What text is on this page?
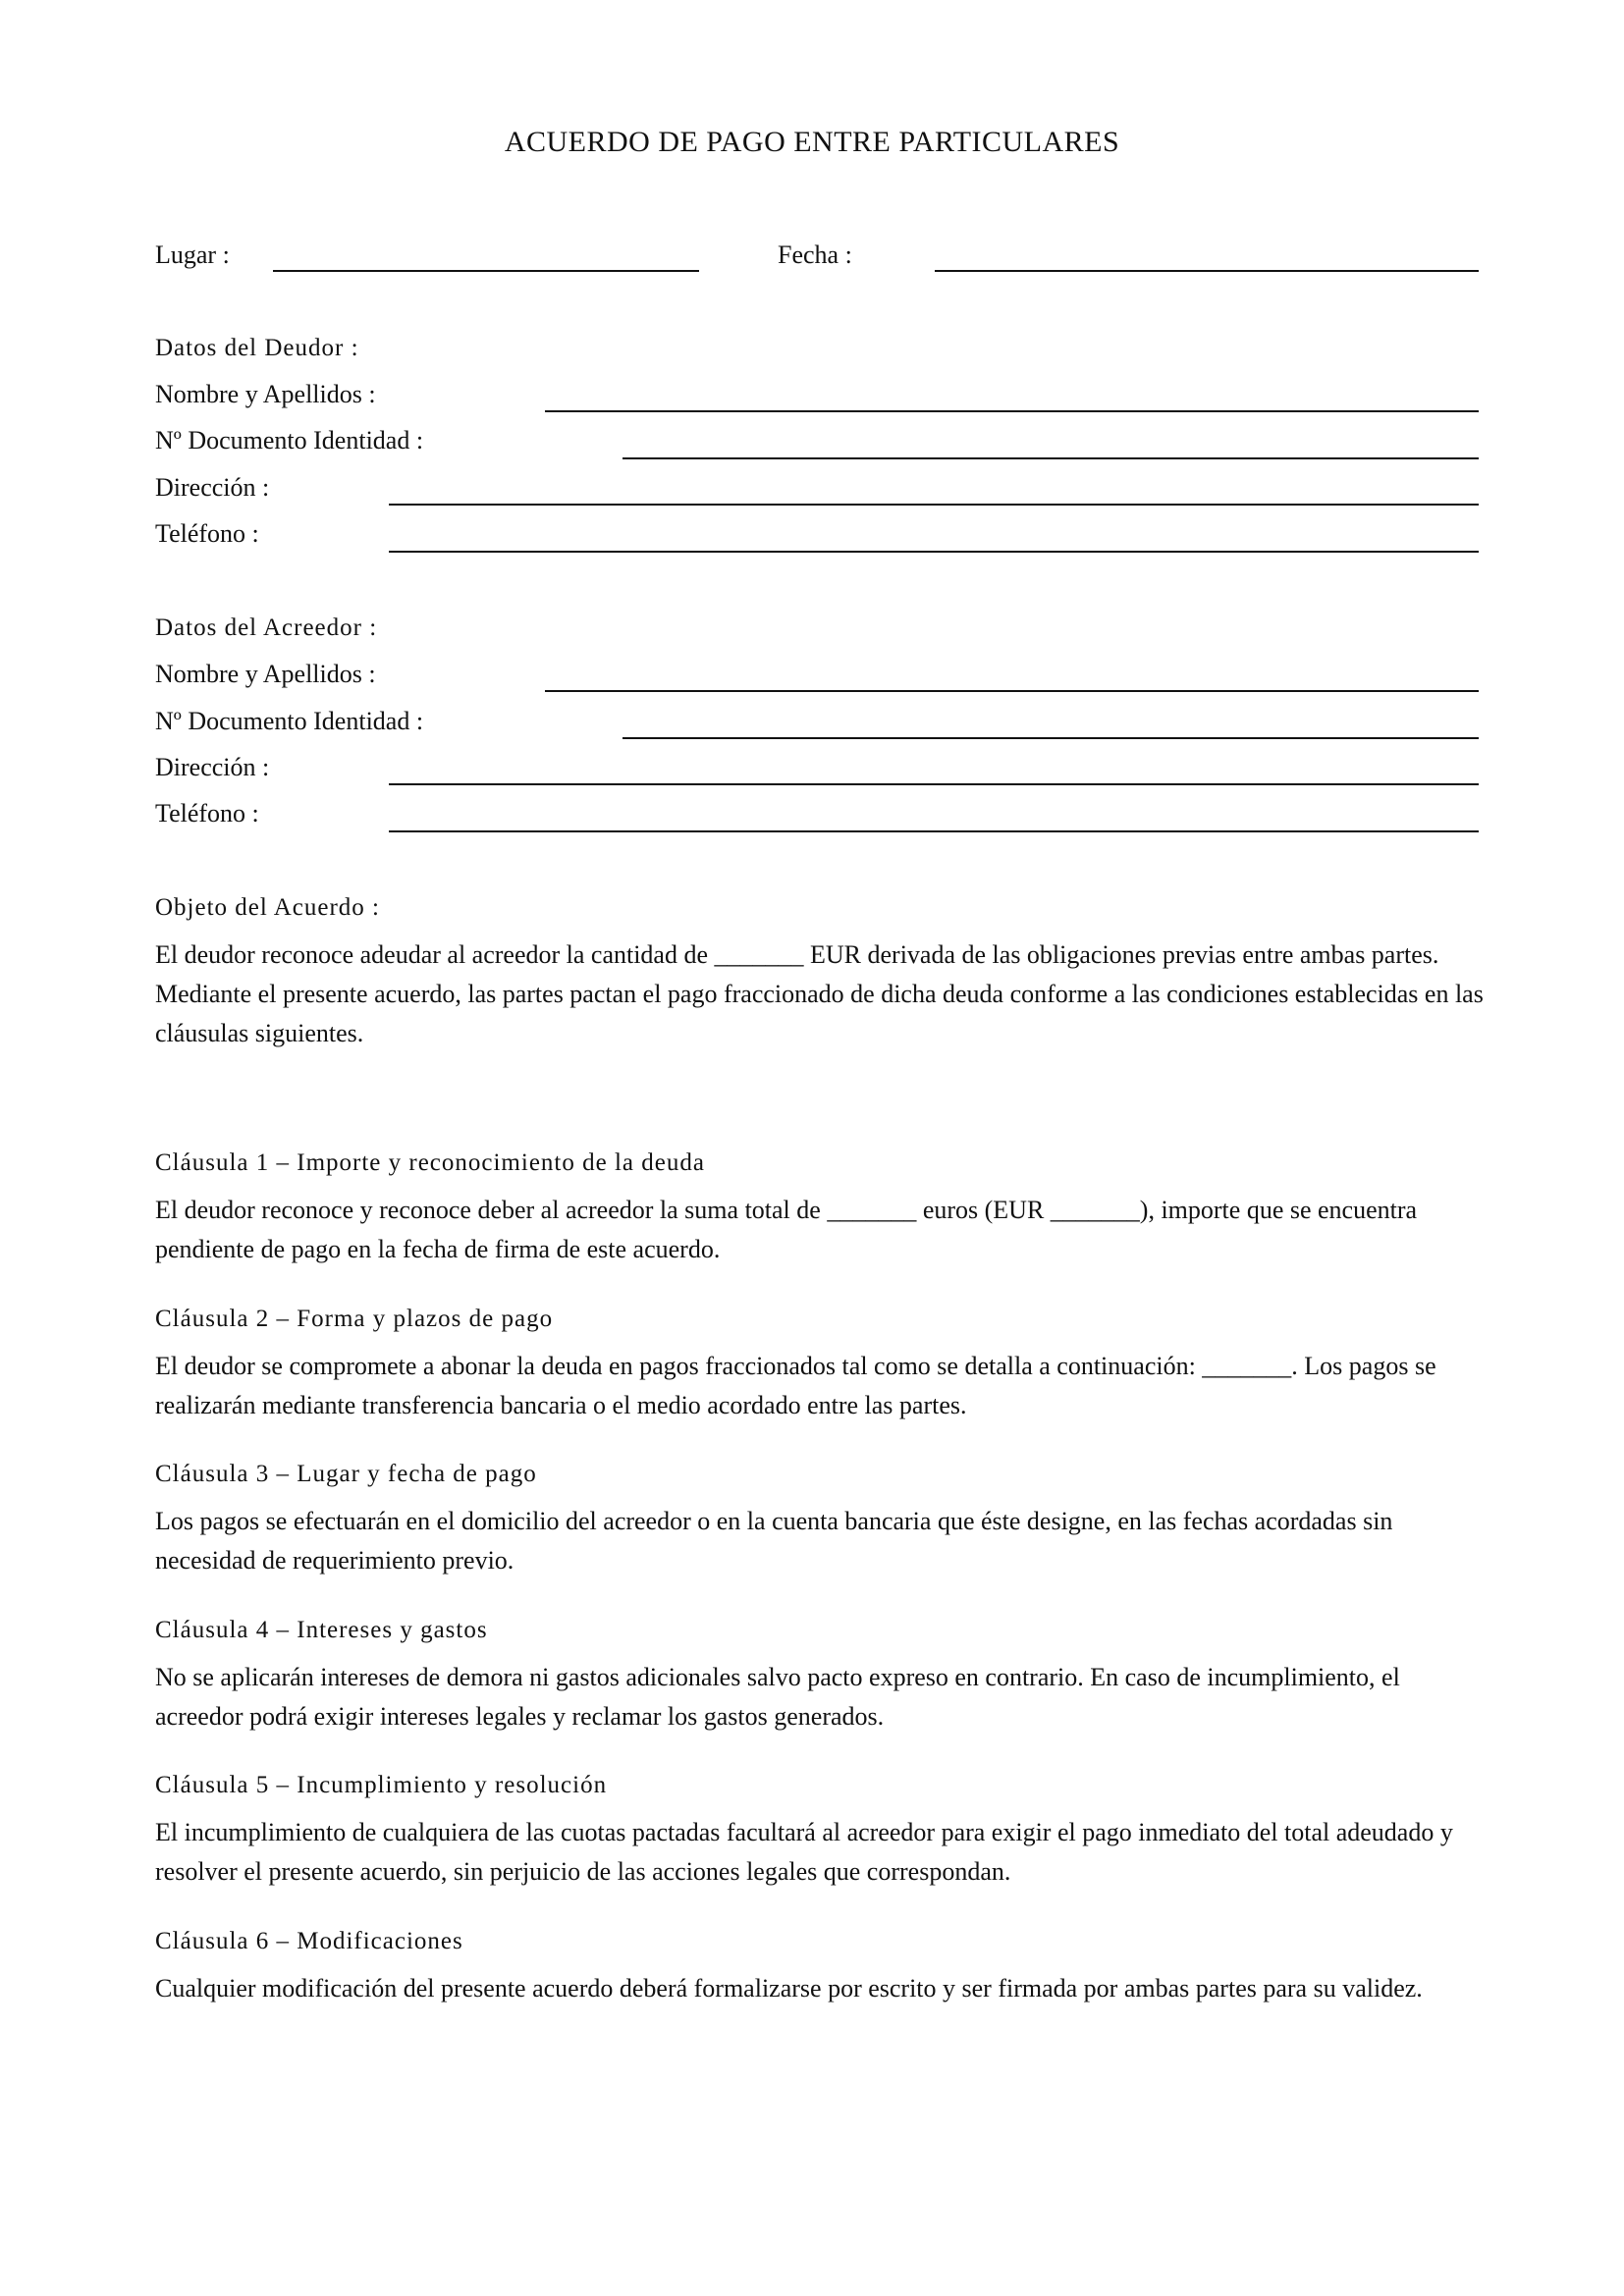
ACUERDO DE PAGO ENTRE PARTICULARES
Lugar :	Fecha :
Datos del Deudor :
Nombre y Apellidos :
Nº Documento Identidad :
Dirección :
Teléfono :
Datos del Acreedor :
Nombre y Apellidos :
Nº Documento Identidad :
Dirección :
Teléfono :
Objeto del Acuerdo :
El deudor reconoce adeudar al acreedor la cantidad de _______ EUR derivada de las obligaciones previas entre ambas partes. Mediante el presente acuerdo, las partes pactan el pago fraccionado de dicha deuda conforme a las condiciones establecidas en las cláusulas siguientes.
Cláusula 1 – Importe y reconocimiento de la deuda
El deudor reconoce y reconoce deber al acreedor la suma total de _______ euros (EUR _______), importe que se encuentra pendiente de pago en la fecha de firma de este acuerdo.
Cláusula 2 – Forma y plazos de pago
El deudor se compromete a abonar la deuda en pagos fraccionados tal como se detalla a continuación: _______. Los pagos se realizarán mediante transferencia bancaria o el medio acordado entre las partes.
Cláusula 3 – Lugar y fecha de pago
Los pagos se efectuarán en el domicilio del acreedor o en la cuenta bancaria que éste designe, en las fechas acordadas sin necesidad de requerimiento previo.
Cláusula 4 – Intereses y gastos
No se aplicarán intereses de demora ni gastos adicionales salvo pacto expreso en contrario. En caso de incumplimiento, el acreedor podrá exigir intereses legales y reclamar los gastos generados.
Cláusula 5 – Incumplimiento y resolución
El incumplimiento de cualquiera de las cuotas pactadas facultará al acreedor para exigir el pago inmediato del total adeudado y resolver el presente acuerdo, sin perjuicio de las acciones legales que correspondan.
Cláusula 6 – Modificaciones
Cualquier modificación del presente acuerdo deberá formalizarse por escrito y ser firmada por ambas partes para su validez.
